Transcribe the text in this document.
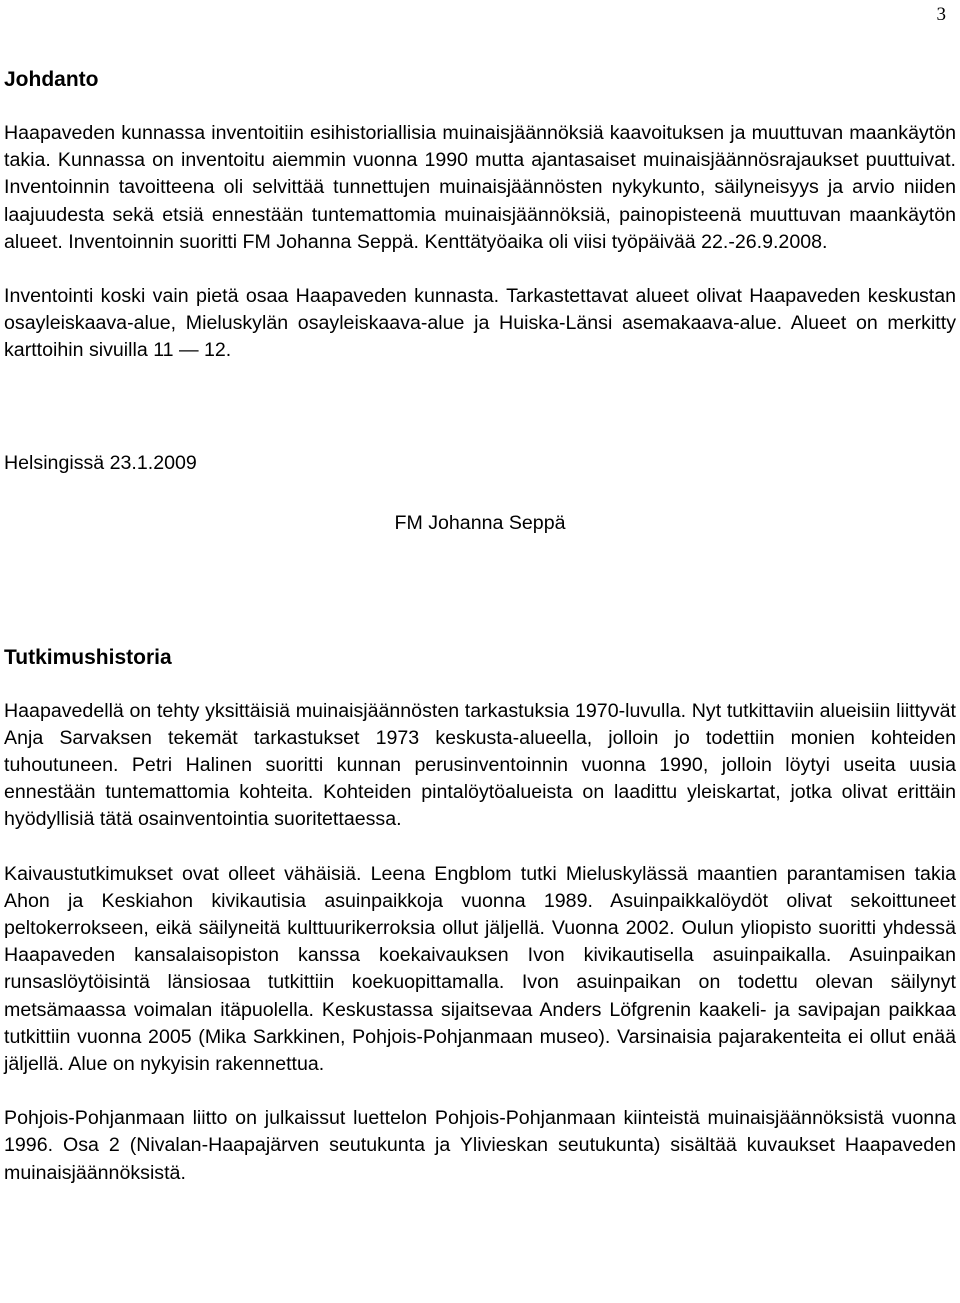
3
Johdanto

Haapaveden kunnassa inventoitiin esihistoriallisia muinaisjäännöksiä kaavoituksen ja muuttuvan maankäytön takia. Kunnassa on inventoitu aiemmin vuonna 1990 mutta ajantasaiset muinaisjäännösrajaukset puuttuivat. Inventoinnin tavoitteena oli selvittää tunnettujen muinaisjäännösten nykykunto, säilyneisyys ja arvio niiden laajuudesta sekä etsiä ennestään tuntemattomia muinaisjäännöksiä, painopisteenä muuttuvan maankäytön alueet. Inventoinnin suoritti FM Johanna Seppä. Kenttätyöaika oli viisi työpäivää 22.-26.9.2008.

Inventointi koski vain pietä osaa Haapaveden kunnasta. Tarkastettavat alueet olivat Haapaveden keskustan osayleiskaava-alue, Mieluskylän osayleiskaava-alue ja Huiska-Länsi asemakaava-alue. Alueet on merkitty karttoihin sivuilla 11 — 12.

Helsingissä 23.1.2009
FM Johanna Seppä
Tutkimushistoria

Haapavedellä on tehty yksittäisiä muinaisjäännösten tarkastuksia 1970-luvulla. Nyt tutkittaviin alueisiin liittyvät Anja Sarvaksen tekemät tarkastukset 1973 keskusta-alueella, jolloin jo todettiin monien kohteiden tuhoutuneen. Petri Halinen suoritti kunnan perusinventoinnin vuonna 1990, jolloin löytyi useita uusia ennestään tuntemattomia kohteita. Kohteiden pintalöytöalueista on laadittu yleiskartat, jotka olivat erittäin hyödyllisiä tätä osainventointia suoritettaessa.

Kaivaustutkimukset ovat olleet vähäisiä. Leena Engblom tutki Mieluskylässä maantien parantamisen takia Ahon ja Keskiahon kivikautisia asuinpaikkoja vuonna 1989. Asuinpaikkalöydöt olivat sekoittuneet peltokerrokseen, eikä säilyneitä kulttuurikerroksia ollut jäljellä. Vuonna 2002. Oulun yliopisto suoritti yhdessä Haapaveden kansalaisopiston kanssa koekaivauksen Ivon kivikautisella asuinpaikalla. Asuinpaikan runsaslöytöisintä länsiosaa tutkittiin koekuopittamalla. Ivon asuinpaikan on todettu olevan säilynyt metsämaassa voimalan itäpuolella. Keskustassa sijaitsevaa Anders Löfgrenin kaakeli- ja savipajan paikkaa tutkittiin vuonna 2005 (Mika Sarkkinen, Pohjois-Pohjanmaan museo). Varsinaisia pajarakenteita ei ollut enää jäljellä. Alue on nykyisin rakennettua.

Pohjois-Pohjanmaan liitto on julkaissut luettelon Pohjois-Pohjanmaan kiinteistä muinaisjäännöksistä vuonna 1996. Osa 2 (Nivalan-Haapajärven seutukunta ja Ylivieskan seutukunta) sisältää kuvaukset Haapaveden muinaisjäännöksistä.
